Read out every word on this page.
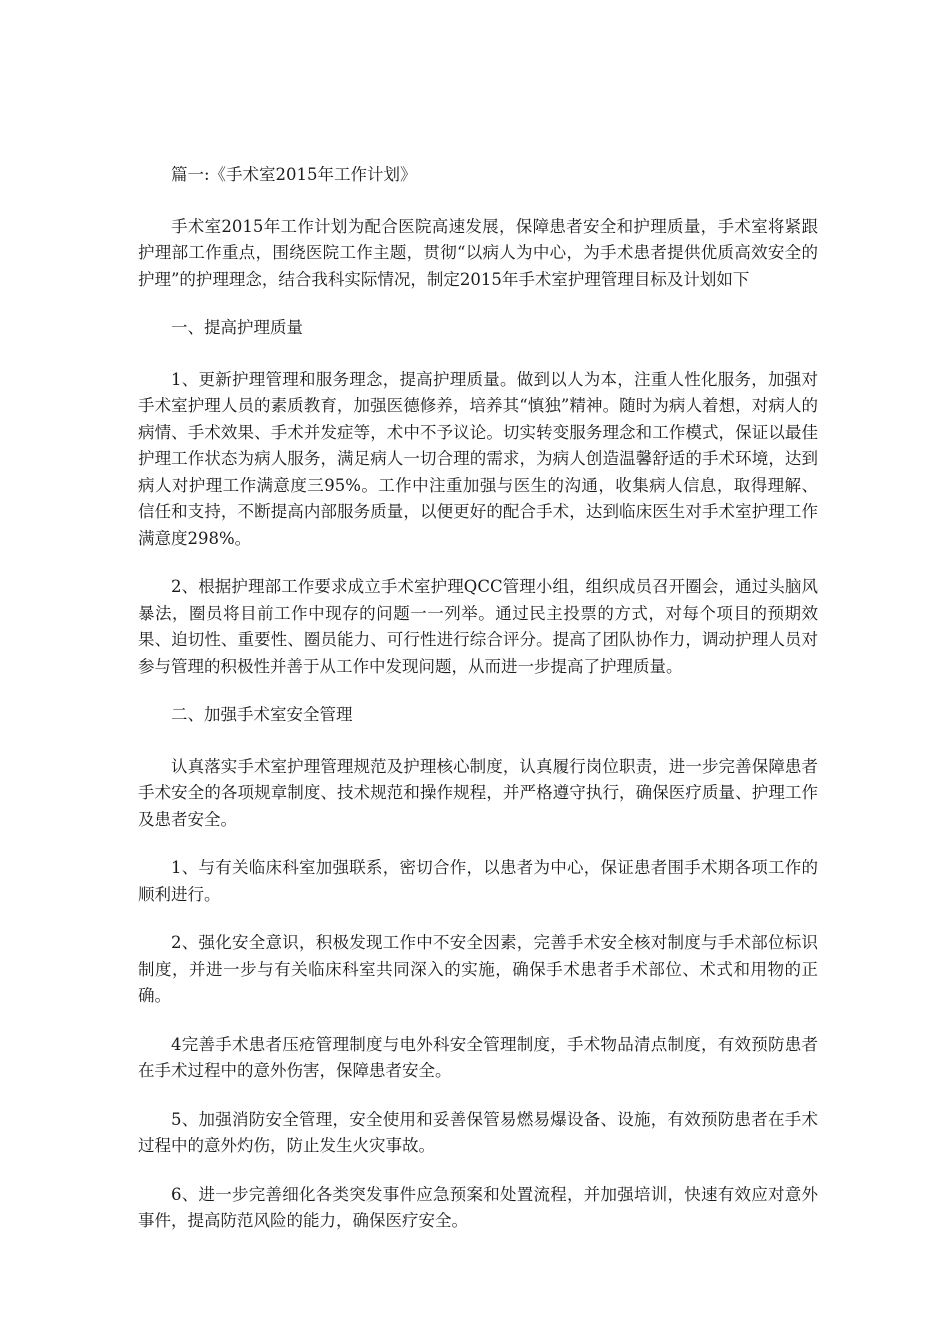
篇一:《手术室2015年工作计划》

手术室2015年工作计划为配合医院高速发展，保障患者安全和护理质量，手术室将紧跟护理部工作重点，围绕医院工作主题，贯彻“以病人为中心，为手术患者提供优质高效安全的护理”的护理理念，结合我科实际情况，制定2015年手术室护理管理目标及计划如下

一、提高护理质量

1、更新护理管理和服务理念，提高护理质量。做到以人为本，注重人性化服务，加强对手术室护理人员的素质教育，加强医德修养，培养其“慎独”精神。随时为病人着想，对病人的病情、手术效果、手术并发症等，术中不予议论。切实转变服务理念和工作模式，保证以最佳护理工作状态为病人服务，满足病人一切合理的需求，为病人创造温馨舒适的手术环境，达到病人对护理工作满意度三95%。工作中注重加强与医生的沟通，收集病人信息，取得理解、信任和支持，不断提高内部服务质量，以便更好的配合手术，达到临床医生对手术室护理工作满意度298%。

2、根据护理部工作要求成立手术室护理QCC管理小组，组织成员召开圈会，通过头脑风暴法，圈员将目前工作中现存的问题一一列举。通过民主投票的方式，对每个项目的预期效果、迫切性、重要性、圈员能力、可行性进行综合评分。提高了团队协作力，调动护理人员对参与管理的积极性并善于从工作中发现问题，从而进一步提高了护理质量。

二、加强手术室安全管理

认真落实手术室护理管理规范及护理核心制度，认真履行岗位职责，进一步完善保障患者手术安全的各项规章制度、技术规范和操作规程，并严格遵守执行，确保医疗质量、护理工作及患者安全。

1、与有关临床科室加强联系，密切合作，以患者为中心，保证患者围手术期各项工作的顺利进行。

2、强化安全意识，积极发现工作中不安全因素，完善手术安全核对制度与手术部位标识制度，并进一步与有关临床科室共同深入的实施，确保手术患者手术部位、术式和用物的正确。

4完善手术患者压疮管理制度与电外科安全管理制度，手术物品清点制度，有效预防患者在手术过程中的意外伤害，保障患者安全。

5、加强消防安全管理，安全使用和妥善保管易燃易爆设备、设施，有效预防患者在手术过程中的意外灼伤，防止发生火灾事故。

6、进一步完善细化各类突发事件应急预案和处置流程，并加强培训，快速有效应对意外事件，提高防范风险的能力，确保医疗安全。
